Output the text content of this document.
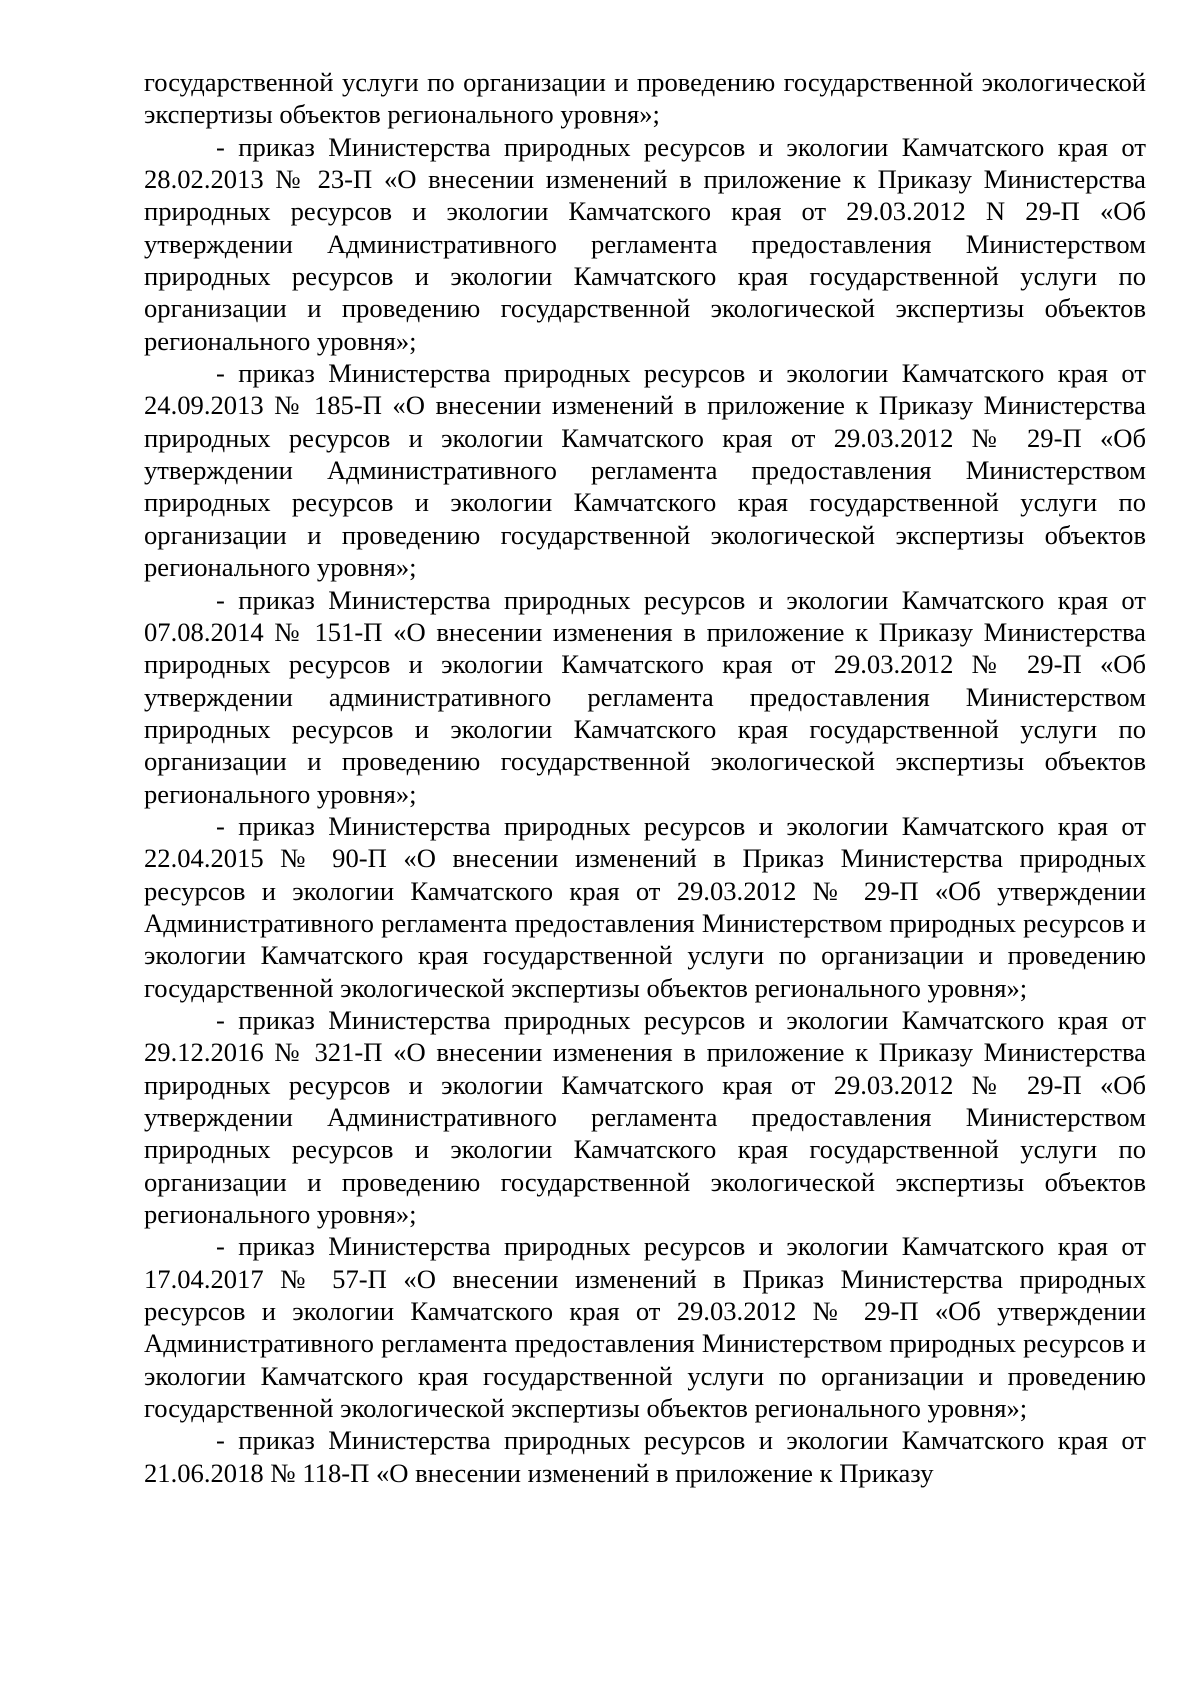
государственной услуги по организации и проведению государственной экологической экспертизы объектов регионального уровня»;

- приказ Министерства природных ресурсов и экологии Камчатского края от 28.02.2013 № 23-П «О внесении изменений в приложение к Приказу Министерства природных ресурсов и экологии Камчатского края от 29.03.2012 N 29-П «Об утверждении Административного регламента предоставления Министерством природных ресурсов и экологии Камчатского края государственной услуги по организации и проведению государственной экологической экспертизы объектов регионального уровня»;

- приказ Министерства природных ресурсов и экологии Камчатского края от 24.09.2013 № 185-П «О внесении изменений в приложение к Приказу Министерства природных ресурсов и экологии Камчатского края от 29.03.2012 № 29-П «Об утверждении Административного регламента предоставления Министерством природных ресурсов и экологии Камчатского края государственной услуги по организации и проведению государственной экологической экспертизы объектов регионального уровня»;

- приказ Министерства природных ресурсов и экологии Камчатского края от 07.08.2014 № 151-П «О внесении изменения в приложение к Приказу Министерства природных ресурсов и экологии Камчатского края от 29.03.2012 № 29-П «Об утверждении административного регламента предоставления Министерством природных ресурсов и экологии Камчатского края государственной услуги по организации и проведению государственной экологической экспертизы объектов регионального уровня»;

- приказ Министерства природных ресурсов и экологии Камчатского края от 22.04.2015 № 90-П «О внесении изменений в Приказ Министерства природных ресурсов и экологии Камчатского края от 29.03.2012 № 29-П «Об утверждении Административного регламента предоставления Министерством природных ресурсов и экологии Камчатского края государственной услуги по организации и проведению государственной экологической экспертизы объектов регионального уровня»;

- приказ Министерства природных ресурсов и экологии Камчатского края от 29.12.2016 № 321-П «О внесении изменения в приложение к Приказу Министерства природных ресурсов и экологии Камчатского края от 29.03.2012 № 29-П «Об утверждении Административного регламента предоставления Министерством природных ресурсов и экологии Камчатского края государственной услуги по организации и проведению государственной экологической экспертизы объектов регионального уровня»;

- приказ Министерства природных ресурсов и экологии Камчатского края от 17.04.2017 № 57-П «О внесении изменений в Приказ Министерства природных ресурсов и экологии Камчатского края от 29.03.2012 № 29-П «Об утверждении Административного регламента предоставления Министерством природных ресурсов и экологии Камчатского края государственной услуги по организации и проведению государственной экологической экспертизы объектов регионального уровня»;

- приказ Министерства природных ресурсов и экологии Камчатского края от 21.06.2018 № 118-П «О внесении изменений в приложение к Приказу
